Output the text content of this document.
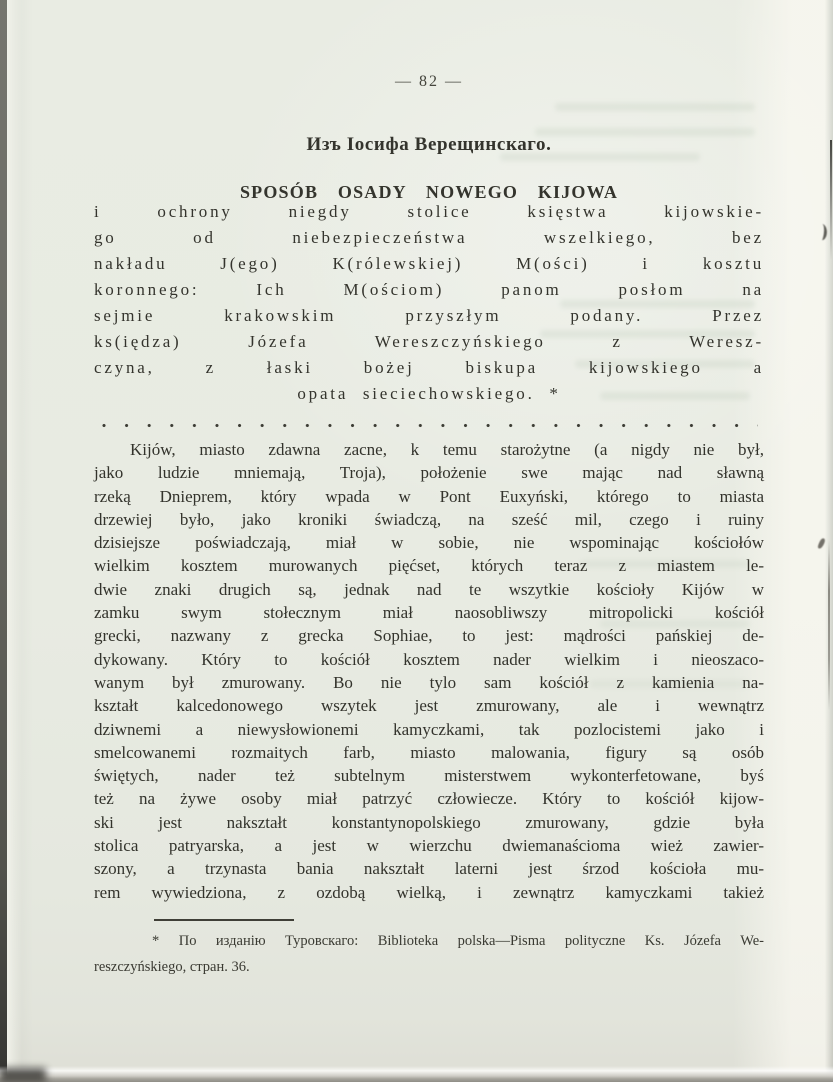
— 82 —
Изъ Іосифа Верещинскаго.
SPOSÓB OSADY NOWEGO KIJOWA
i ochrony niegdy stolice księstwa kijowskie-
go od niebezpieczeństwa wszelkiego, bez
nakładu J(ego) K(rólewskiej) M(ości) i kosztu
koronnego: Ich M(ościom) panom posłom na
sejmie krakowskim przyszłym podany. Przez
ks(iędza) Józefa Wereszczyńskiego z Weresz-
czyna, z łaski bożej biskupa kijowskiego a
opata sieciechowskiego. *
Kijów, miasto zdawna zacne, k temu starożytne (a nigdy nie był,
jako ludzie mniemają, Troja), położenie swe mając nad sławną
rzeką Dnieprem, który wpada w Pont Euxyński, którego to miasta
drzewiej było, jako kroniki świadczą, na sześć mil, czego i ruiny
dzisiejsze poświadczają, miał w sobie, nie wspominając kościołów
wielkim kosztem murowanych pięćset, których teraz z miastem le-
dwie znaki drugich są, jednak nad te wszytkie kościoły Kijów w
zamku swym stołecznym miał naosobliwszy mitropolicki kościół
grecki, nazwany z grecka Sophiae, to jest: mądrości pańskiej de-
dykowany. Który to kościół kosztem nader wielkim i nieoszaco-
wanym był zmurowany. Bo nie tylo sam kościół z kamienia na-
kształt kalcedonowego wszytek jest zmurowany, ale i wewnątrz
dziwnemi a niewysłowionemi kamyczkami, tak pozlocistemi jako i
smelcowanemi rozmaitych farb, miasto malowania, figury są osób
świętych, nader też subtelnym misterstwem wykonterfetowane, byś
też na żywe osoby miał patrzyć człowiecze. Który to kościół kijow-
ski jest nakształt konstantynopolskiego zmurowany, gdzie była
stolica patryarska, a jest w wierzchu dwiemanaścioma wież zawier-
szony, a trzynasta bania nakształt laterni jest śrzod kościoła mu-
rem wywiedziona, z ozdobą wielką, i zewnątrz kamyczkami takież
* По изданію Туровскаго: Biblioteka polska—Pisma polityczne Ks. Józefa We-
reszczyńskiego, стран. 36.
